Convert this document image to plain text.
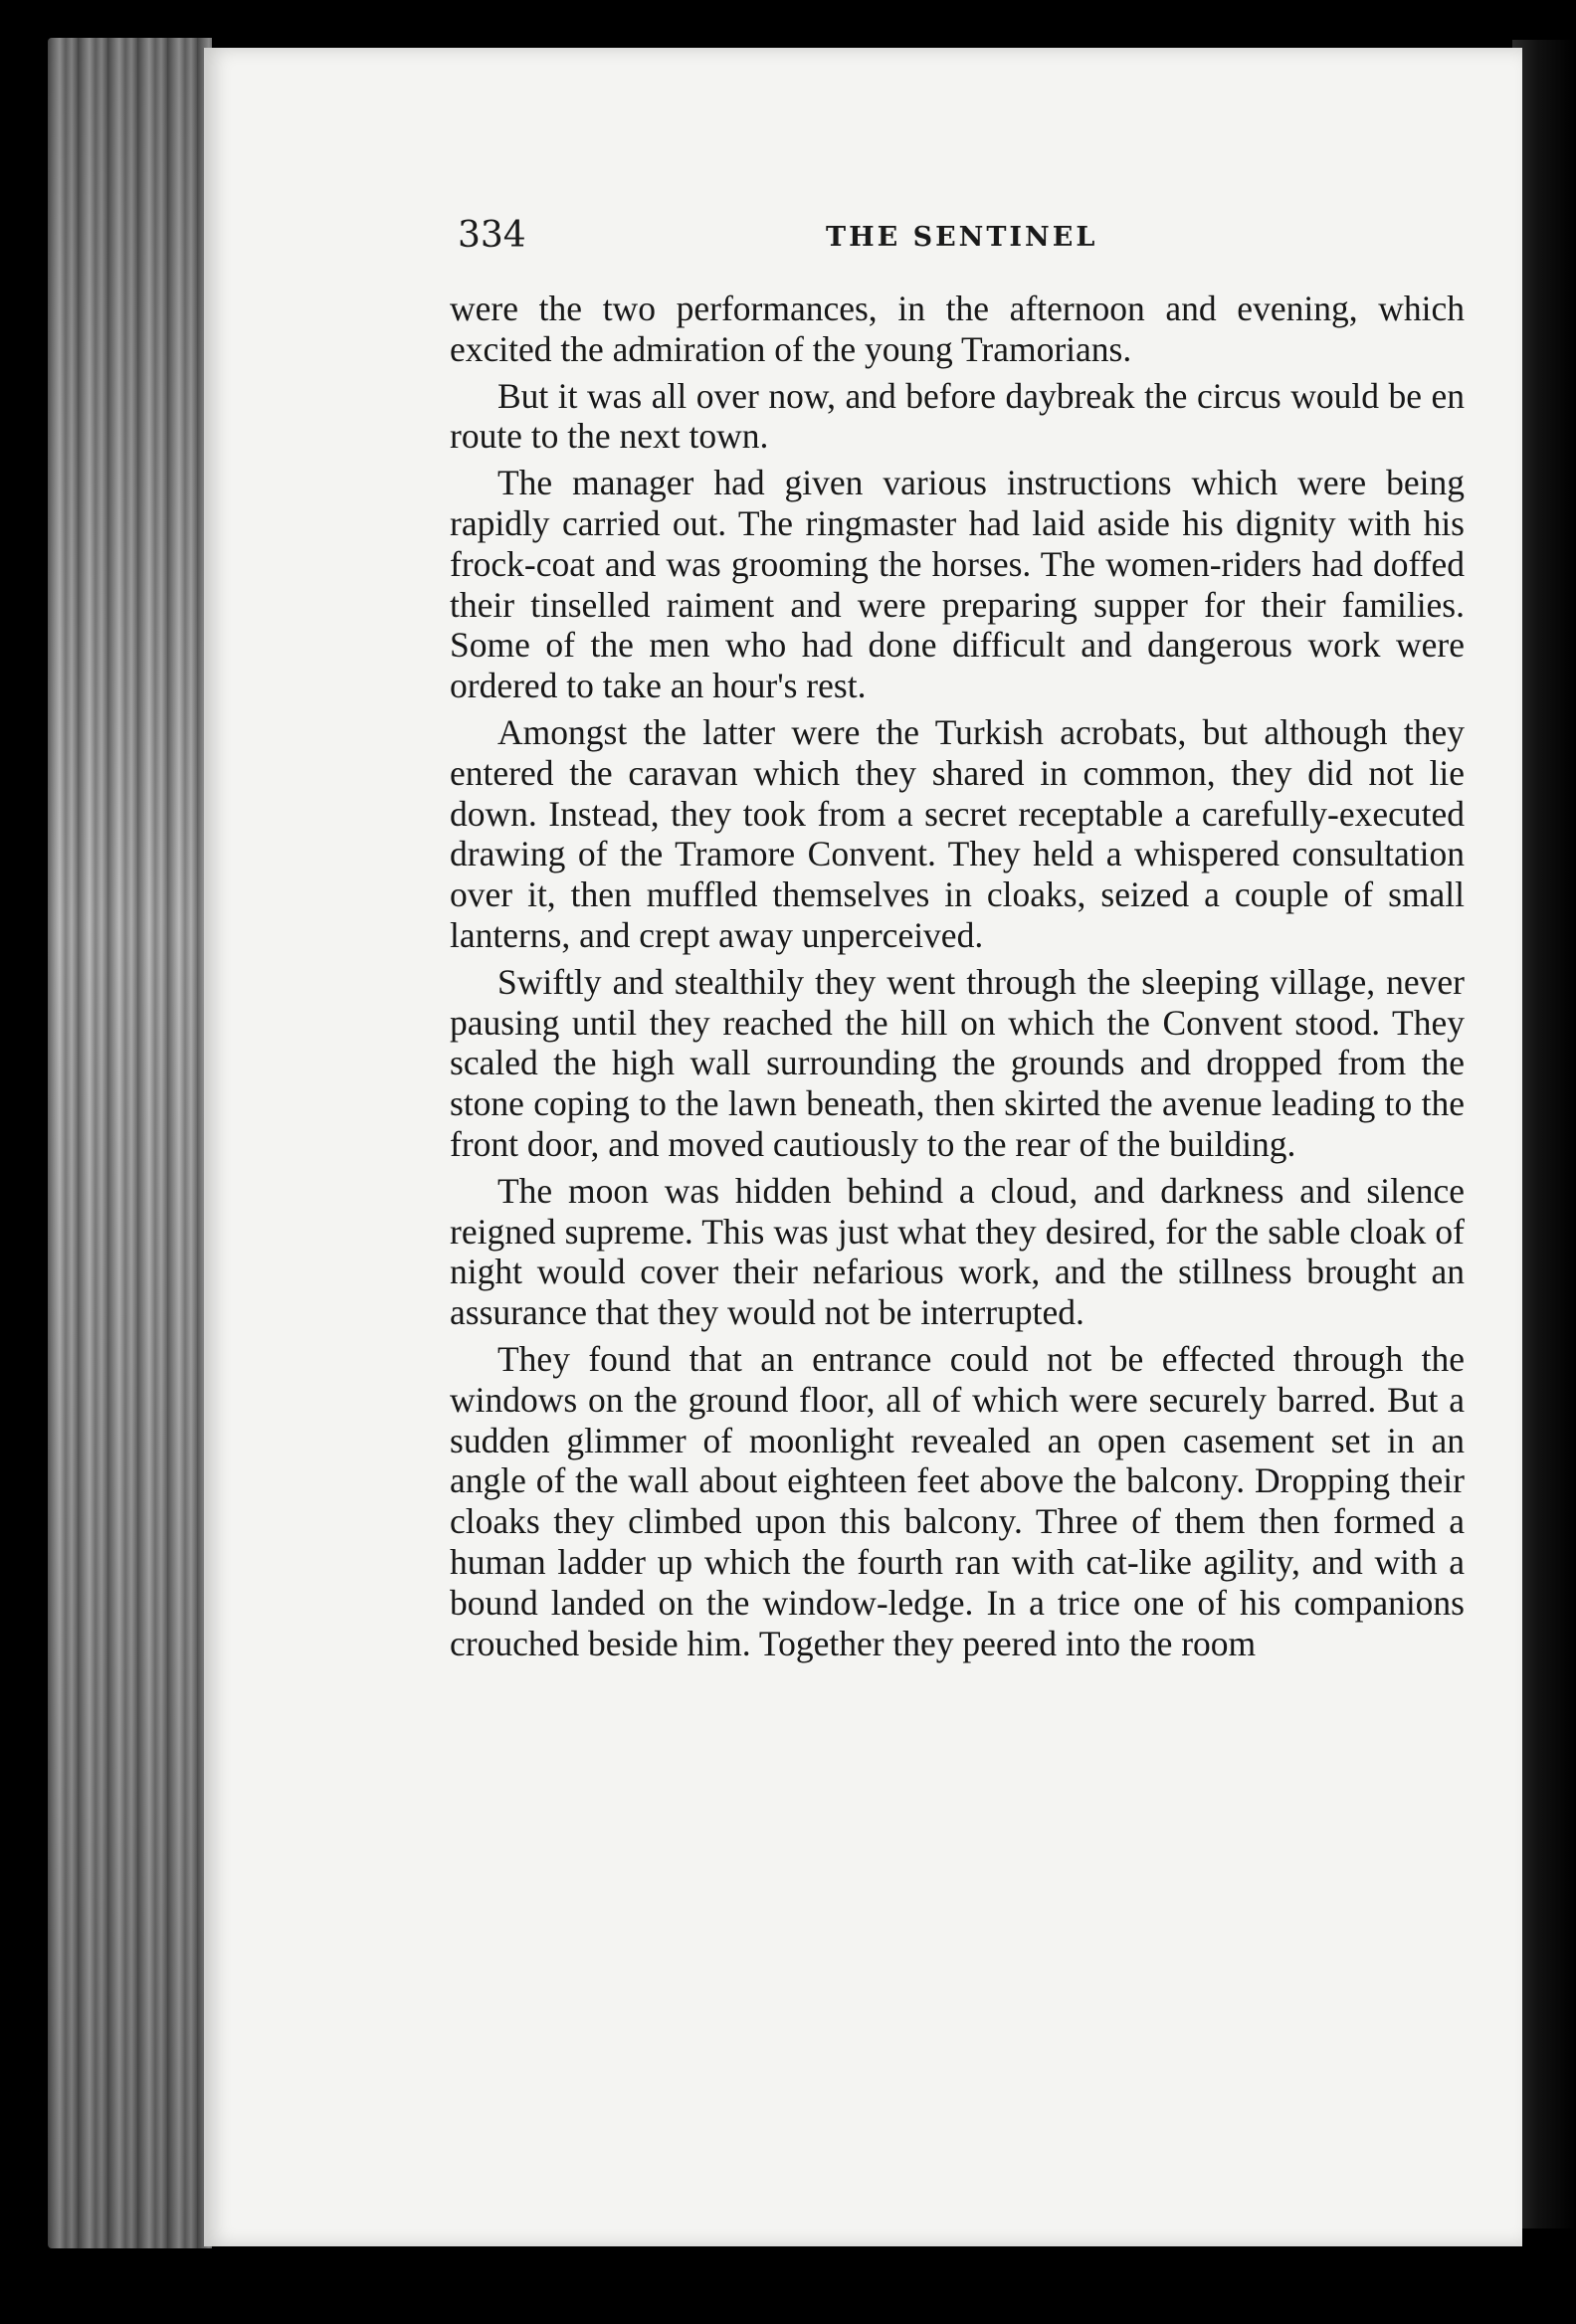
334	THE SENTINEL

were the two performances, in the afternoon and evening, which excited the admiration of the young Tramorians.

But it was all over now, and before daybreak the circus would be en route to the next town.

The manager had given various instructions which were being rapidly carried out. The ringmaster had laid aside his dignity with his frock-coat and was grooming the horses. The women-riders had doffed their tinselled raiment and were preparing supper for their families. Some of the men who had done difficult and dangerous work were ordered to take an hour's rest.

Amongst the latter were the Turkish acrobats, but although they entered the caravan which they shared in common, they did not lie down. Instead, they took from a secret receptable a carefully-executed drawing of the Tramore Convent. They held a whispered consultation over it, then muffled themselves in cloaks, seized a couple of small lanterns, and crept away unperceived.

Swiftly and stealthily they went through the sleeping village, never pausing until they reached the hill on which the Convent stood. They scaled the high wall surrounding the grounds and dropped from the stone coping to the lawn beneath, then skirted the avenue leading to the front door, and moved cautiously to the rear of the building.

The moon was hidden behind a cloud, and darkness and silence reigned supreme. This was just what they desired, for the sable cloak of night would cover their nefarious work, and the stillness brought an assurance that they would not be interrupted.

They found that an entrance could not be effected through the windows on the ground floor, all of which were securely barred. But a sudden glimmer of moonlight revealed an open casement set in an angle of the wall about eighteen feet above the balcony. Dropping their cloaks they climbed upon this balcony. Three of them then formed a human ladder up which the fourth ran with cat-like agility, and with a bound landed on the window-ledge. In a trice one of his companions crouched beside him. Together they peered into the room
